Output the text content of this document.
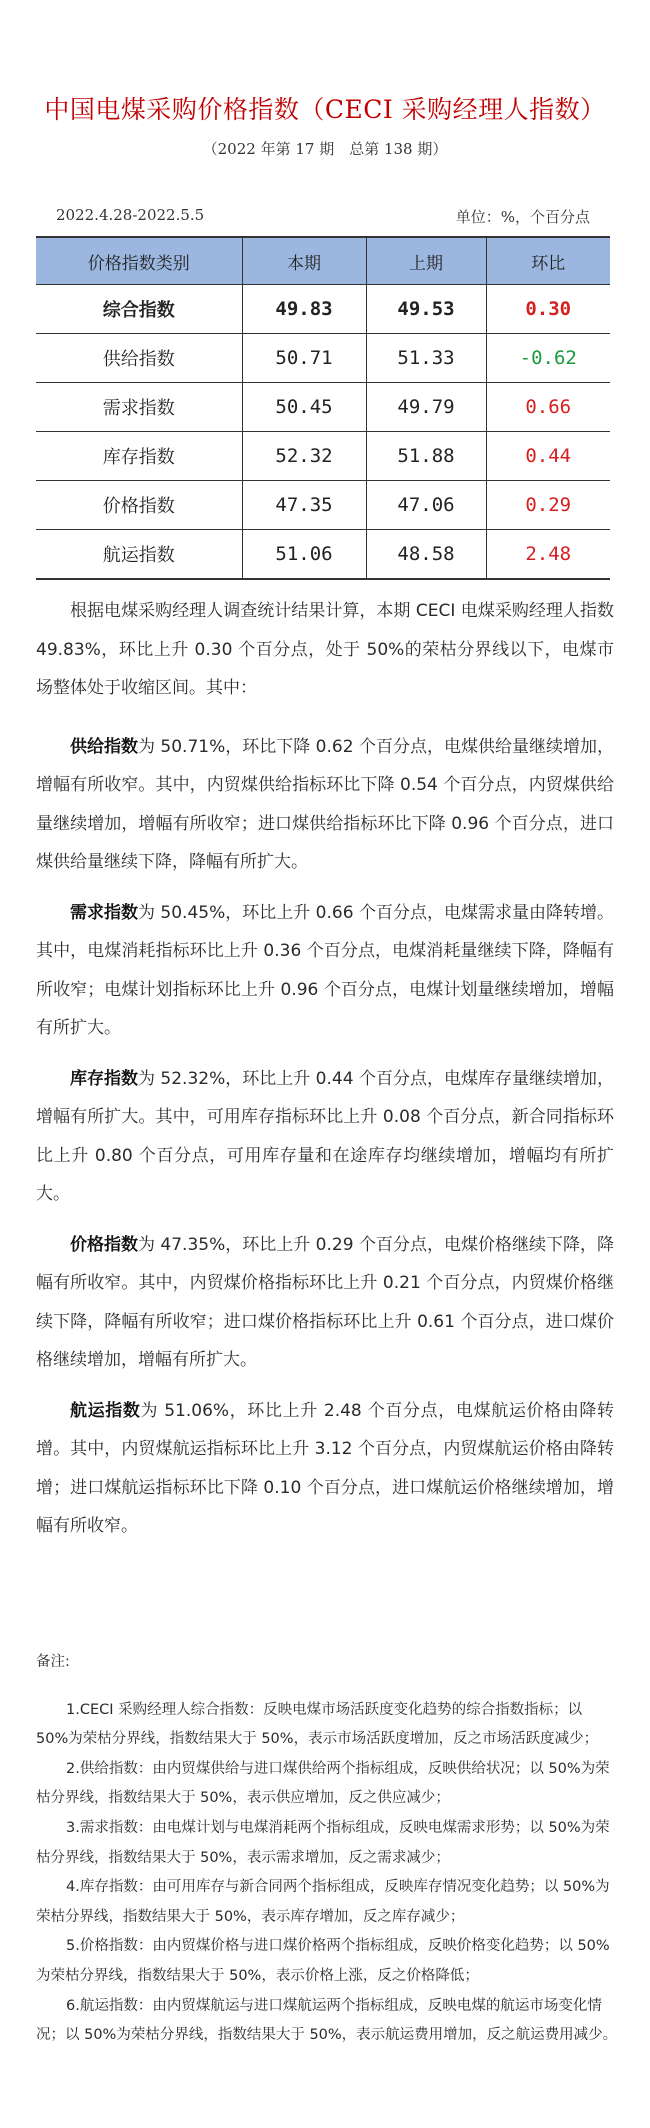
中国电煤采购价格指数（CECI 采购经理人指数）
（2022 年第 17 期　总第 138 期）
2022.4.28-2022.5.5	单位：%，个百分点
价格指数类别	本期	上期	环比
综合指数	49.83	49.53	0.30
供给指数	50.71	51.33	-0.62
需求指数	50.45	49.79	0.66
库存指数	52.32	51.88	0.44
价格指数	47.35	47.06	0.29
航运指数	51.06	48.58	2.48

根据电煤采购经理人调查统计结果计算，本期 CECI 电煤采购经理人指数 49.83%，环比上升 0.30 个百分点，处于 50%的荣枯分界线以下，电煤市场整体处于收缩区间。其中：

供给指数为 50.71%，环比下降 0.62 个百分点，电煤供给量继续增加，增幅有所收窄。其中，内贸煤供给指标环比下降 0.54 个百分点，内贸煤供给量继续增加，增幅有所收窄；进口煤供给指标环比下降 0.96 个百分点，进口煤供给量继续下降，降幅有所扩大。

需求指数为 50.45%，环比上升 0.66 个百分点，电煤需求量由降转增。其中，电煤消耗指标环比上升 0.36 个百分点，电煤消耗量继续下降，降幅有所收窄；电煤计划指标环比上升 0.96 个百分点，电煤计划量继续增加，增幅有所扩大。

库存指数为 52.32%，环比上升 0.44 个百分点，电煤库存量继续增加，增幅有所扩大。其中，可用库存指标环比上升 0.08 个百分点，新合同指标环比上升 0.80 个百分点，可用库存量和在途库存均继续增加，增幅均有所扩大。

价格指数为 47.35%，环比上升 0.29 个百分点，电煤价格继续下降，降幅有所收窄。其中，内贸煤价格指标环比上升 0.21 个百分点，内贸煤价格继续下降，降幅有所收窄；进口煤价格指标环比上升 0.61 个百分点，进口煤价格继续增加，增幅有所扩大。

航运指数为 51.06%，环比上升 2.48 个百分点，电煤航运价格由降转增。其中，内贸煤航运指标环比上升 3.12 个百分点，内贸煤航运价格由降转增；进口煤航运指标环比下降 0.10 个百分点，进口煤航运价格继续增加，增幅有所收窄。

备注:

1.CECI 采购经理人综合指数：反映电煤市场活跃度变化趋势的综合指数指标；以 50%为荣枯分界线，指数结果大于 50%，表示市场活跃度增加，反之市场活跃度减少；

2.供给指数：由内贸煤供给与进口煤供给两个指标组成，反映供给状况；以 50%为荣枯分界线，指数结果大于 50%，表示供应增加，反之供应减少；

3.需求指数：由电煤计划与电煤消耗两个指标组成，反映电煤需求形势；以 50%为荣枯分界线，指数结果大于 50%，表示需求增加，反之需求减少；

4.库存指数：由可用库存与新合同两个指标组成，反映库存情况变化趋势；以 50%为荣枯分界线，指数结果大于 50%，表示库存增加，反之库存减少；

5.价格指数：由内贸煤价格与进口煤价格两个指标组成，反映价格变化趋势；以 50%为荣枯分界线，指数结果大于 50%，表示价格上涨，反之价格降低；

6.航运指数：由内贸煤航运与进口煤航运两个指标组成，反映电煤的航运市场变化情况；以 50%为荣枯分界线，指数结果大于 50%，表示航运费用增加，反之航运费用减少。
